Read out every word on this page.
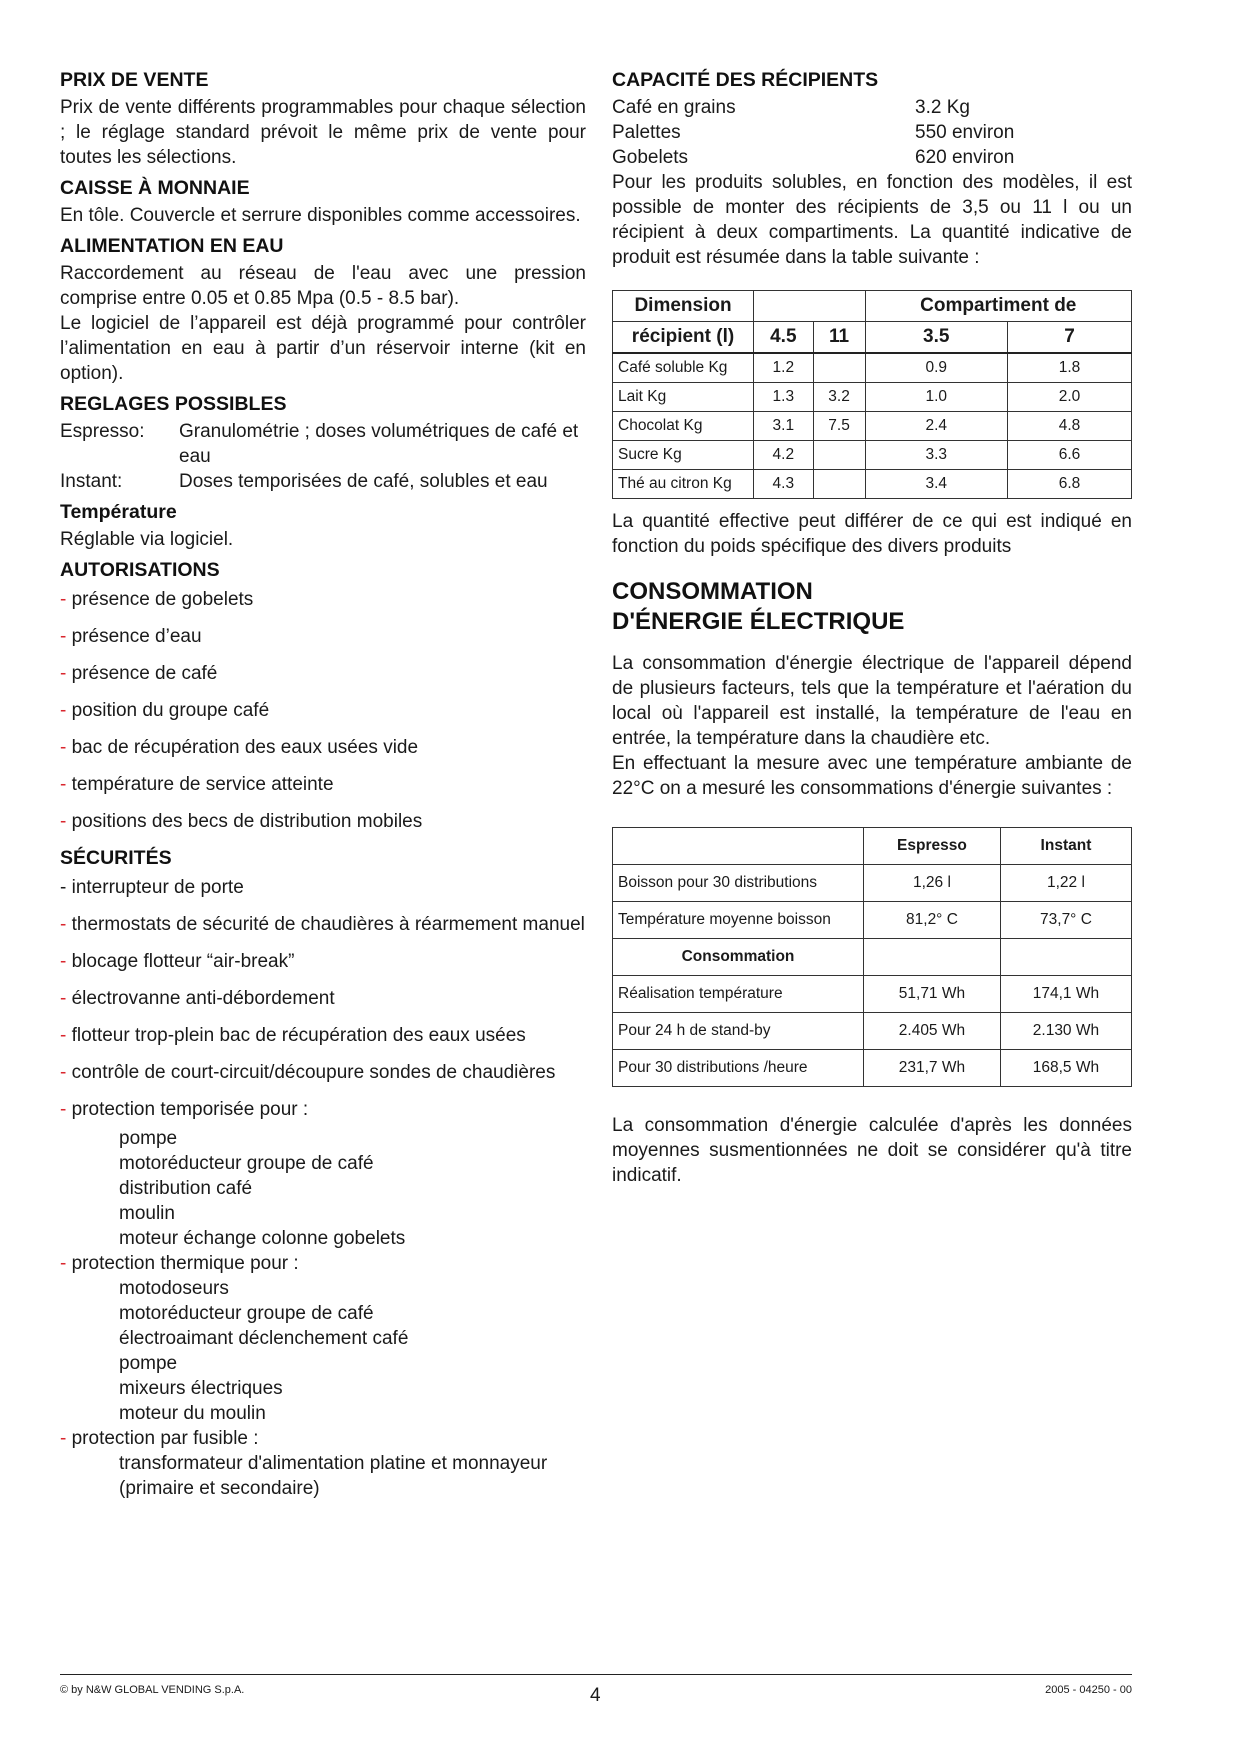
PRIX DE VENTE

Prix de vente différents programmables pour chaque sélection ; le réglage standard prévoit le même prix de vente pour toutes les sélections.

CAISSE À MONNAIE

En tôle. Couvercle et serrure disponibles comme accessoires.

ALIMENTATION EN EAU

Raccordement au réseau de l'eau avec une pression comprise entre 0.05 et 0.85 Mpa (0.5 - 8.5 bar).

Le logiciel de l’appareil est déjà programmé pour contrôler l’alimentation en eau à partir d’un réservoir interne (kit en option).

REGLAGES POSSIBLES
Espresso:	Granulométrie ; doses volumétriques de café et eau
Instant:	Doses temporisées de café, solubles et eau
Température

Réglable via logiciel.

AUTORISATIONS
- présence de gobelets
- présence d’eau
- présence de café
- position du groupe café
- bac de récupération des eaux usées vide
- température de service atteinte
- positions des becs de distribution mobiles
SÉCURITÉS
- interrupteur de porte
- thermostats de sécurité de chaudières à réarmement manuel
- blocage flotteur “air-break”
- électrovanne anti-débordement
- flotteur trop-plein bac de récupération des eaux usées
- contrôle de court-circuit/découpure sondes de chaudières
- protection temporisée pour :
pompe
motoréducteur groupe de café
distribution café
moulin
moteur échange colonne gobelets
- protection thermique pour :
motodoseurs
motoréducteur groupe de café
électroaimant déclenchement café
pompe
mixeurs électriques
moteur du moulin
- protection par fusible :
transformateur d'alimentation platine et monnayeur (primaire et secondaire)
CAPACITÉ DES RÉCIPIENTS
Café en grains	3.2 Kg
Palettes	550 environ
Gobelets	620 environ

Pour les produits solubles, en fonction des modèles, il est possible de monter des récipients de 3,5 ou 11 l ou un récipient à deux compartiments. La quantité indicative de produit est résumée dans la table suivante :

Dimension			Compartiment de	
récipient (l)	4.5	11	3.5	7
Café soluble Kg	1.2		0.9	1.8
Lait Kg	1.3	3.2	1.0	2.0
Chocolat Kg	3.1	7.5	2.4	4.8
Sucre Kg	4.2		3.3	6.6
Thé au citron Kg	4.3		3.4	6.8

La quantité effective peut différer de ce qui est indiqué en fonction du poids spécifique des divers produits

CONSOMMATION
D'ÉNERGIE ÉLECTRIQUE

La consommation d'énergie électrique de l'appareil dépend de plusieurs facteurs, tels que la température et l'aération du local où l'appareil est installé, la température de l'eau en entrée, la température dans la chaudière etc.

En effectuant la mesure avec une température ambiante de 22°C on a mesuré les consommations d'énergie suivantes :

	Espresso	Instant
Boisson pour 30 distributions	1,26 l	1,22 l
Température moyenne boisson	81,2° C	73,7° C
Consommation		
Réalisation température	51,71 Wh	174,1 Wh
Pour 24 h de stand-by	2.405 Wh	2.130 Wh
Pour 30 distributions /heure	231,7 Wh	168,5 Wh

La consommation d'énergie calculée d'après les données moyennes susmentionnées ne doit se considérer qu'à titre indicatif.

© by N&W GLOBAL VENDING S.p.A.	4	2005 - 04250 - 00
